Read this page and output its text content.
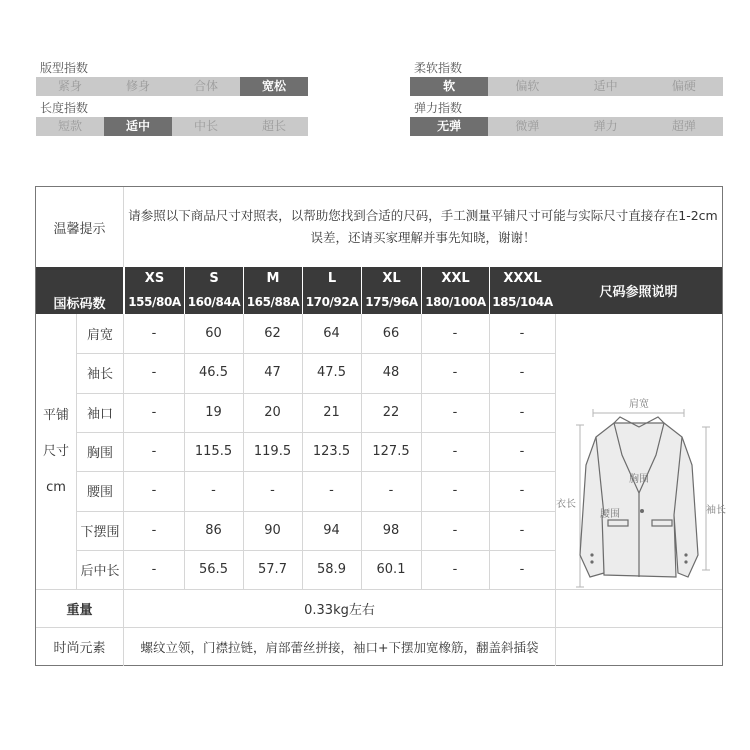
版型指数
紧身	修身	合体	宽松
柔软指数
软	偏软	适中	偏硬
长度指数
短款	适中	中长	超长
弹力指数
无弹	微弹	弹力	超弹
温馨提示
请参照以下商品尺寸对照表，以帮助您找到合适的尺码，手工测量平铺尺寸可能与实际尺寸直接存在1-2cm误差，还请买家理解并事先知晓，谢谢！
XS	S	M	L	XL	XXL	XXXL
国标码数	155/80A 160/84A 165/88A 170/92A 175/96A 180/100A 185/104A
尺码参照说明
平铺
尺寸
cm
肩宽	-	60	62	64	66	-	-
袖长	-	46.5	47	47.5	48	-	-
袖口	-	19	20	21	22	-	-
胸围	-	115.5	119.5	123.5	127.5	-	-
腰围	-	-	-	-	-	-	-
下摆围	-	86	90	94	98	-	-
后中长	-	56.5	57.7	58.9	60.1	-	-
肩宽
胸围
衣长
腰围	袖长
重量	0.33kg左右
时尚元素	螺纹立领，门襟拉链，肩部蕾丝拼接，袖口+下摆加宽橡筋，翻盖斜插袋
